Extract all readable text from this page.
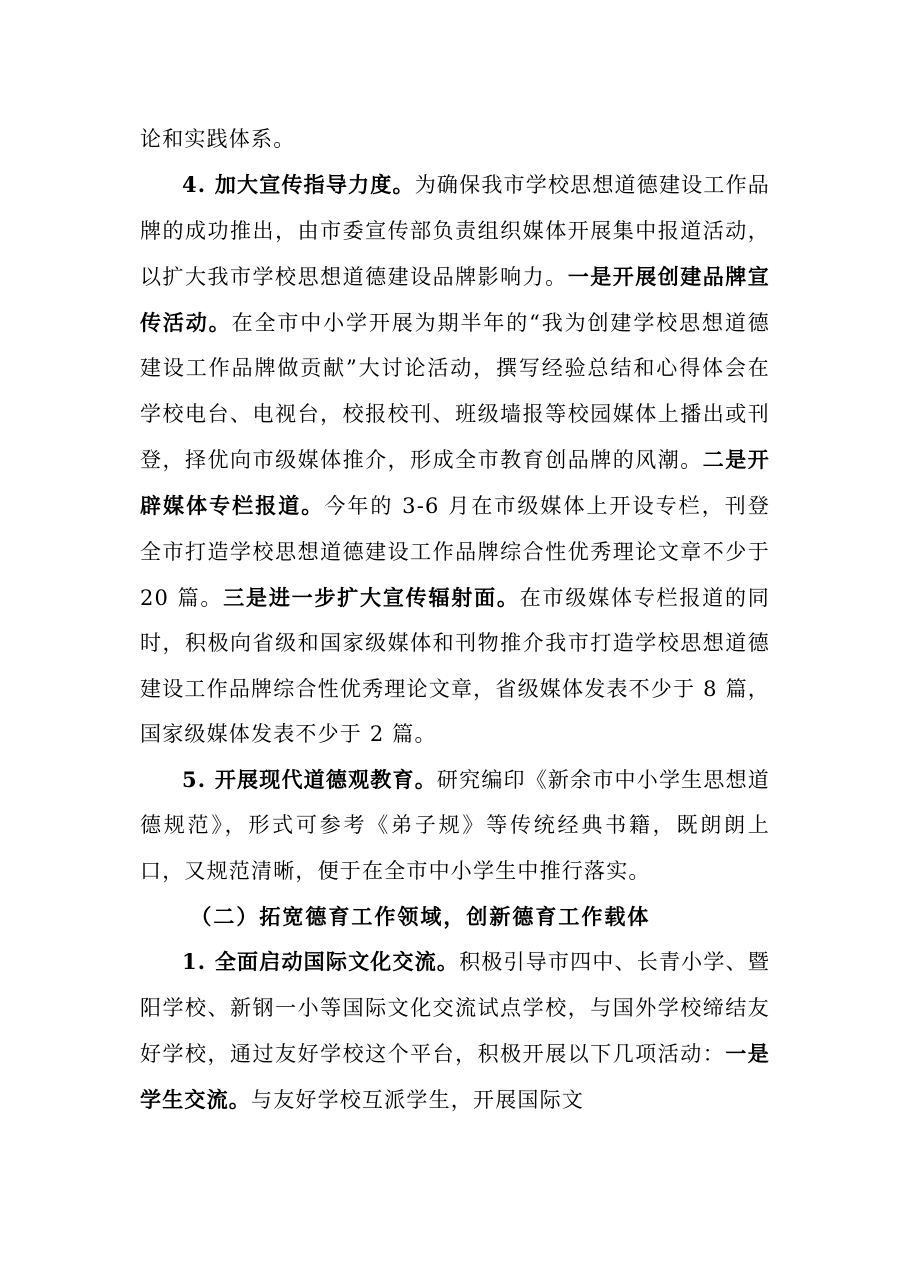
论和实践体系。

4. 加大宣传指导力度。为确保我市学校思想道德建设工作品牌的成功推出，由市委宣传部负责组织媒体开展集中报道活动，以扩大我市学校思想道德建设品牌影响力。一是开展创建品牌宣传活动。在全市中小学开展为期半年的“我为创建学校思想道德建设工作品牌做贡献”大讨论活动，撰写经验总结和心得体会在学校电台、电视台，校报校刊、班级墙报等校园媒体上播出或刊登，择优向市级媒体推介，形成全市教育创品牌的风潮。二是开辟媒体专栏报道。今年的 3-6 月在市级媒体上开设专栏，刊登全市打造学校思想道德建设工作品牌综合性优秀理论文章不少于 20 篇。三是进一步扩大宣传辐射面。在市级媒体专栏报道的同时，积极向省级和国家级媒体和刊物推介我市打造学校思想道德建设工作品牌综合性优秀理论文章，省级媒体发表不少于 8 篇，国家级媒体发表不少于 2 篇。

5. 开展现代道德观教育。研究编印《新余市中小学生思想道德规范》，形式可参考《弟子规》等传统经典书籍，既朗朗上口，又规范清晰，便于在全市中小学生中推行落实。

（二）拓宽德育工作领域，创新德育工作载体

1. 全面启动国际文化交流。积极引导市四中、长青小学、暨阳学校、新钢一小等国际文化交流试点学校，与国外学校缔结友好学校，通过友好学校这个平台，积极开展以下几项活动：一是学生交流。与友好学校互派学生，开展国际文
